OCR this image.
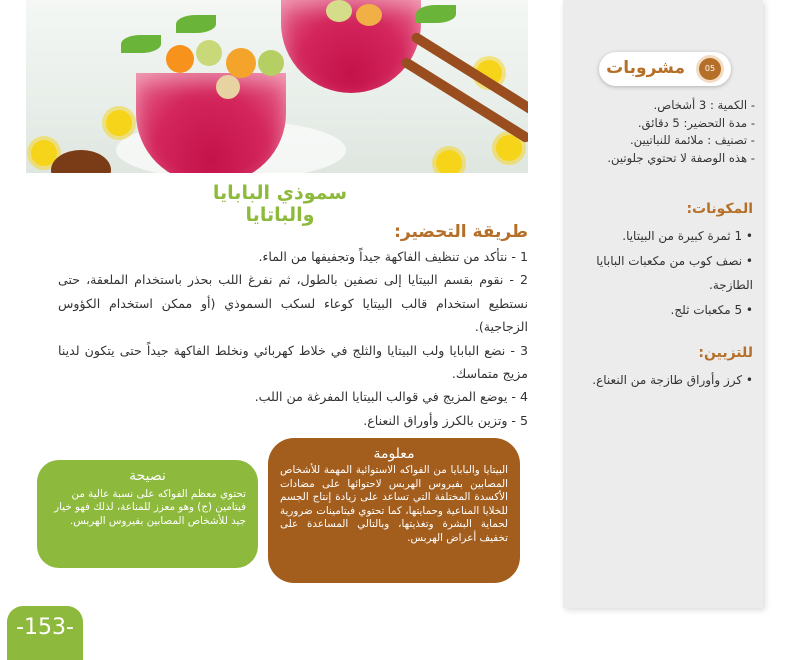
سموذي البابايا والباتايا
طريقة التحضير:

1 - نتأكد من تنظيف الفاكهة جيداً وتجفيفها من الماء.

2 - نقوم بقسم البيتايا إلى نصفين بالطول، ثم نفرغ اللب بحذر باستخدام الملعقة، حتى نستطيع استخدام قالب البيتايا كوعاء لسكب السموذي (أو ممكن استخدام الكؤوس الزجاجية).

3 - نضع البابايا ولب البيتايا والثلج في خلاط كهربائي ونخلط الفاكهة جيداً حتى يتكون لدينا مزيج متماسك.

4 - يوضع المزيج في قوالب البيتايا المفرغة من اللب.

5 - وتزين بالكرز وأوراق النعناع.

مشروبات	05
- الكمية : 3 أشخاص.
- مدة التحضير: 5 دقائق.
- تصنيف : ملائمة للنباتيين.
- هذه الوصفة لا تحتوي جلوتين.
المكونات:
• 1 ثمرة كبيرة من البيتايا.
• نصف كوب من مكعبات البابايا الطازجة.
• 5 مكعبات ثلج.
للتزيين:
• كرز وأوراق طازجة من النعناع.
معلومة
البيتايا والبابايا من الفواكه الاستوائية المهمة للأشخاص المصابين بفيروس الهربس لاحتوائها على مضادات الأكسدة المختلفة التي تساعد على زيادة إنتاج الجسم للخلايا المناعية وحمايتها، كما تحتوي فيتامينات ضرورية لحماية البشرة وتغذيتها، وبالتالي المساعدة على تخفيف أعراض الهربس.
نصيحة
تحتوي معظم الفواكه على نسبة عالية من فيتامين (ج) وهو معزز للمناعة، لذلك فهو خيار جيد للأشخاص المصابين بفيروس الهربس.
-153-
